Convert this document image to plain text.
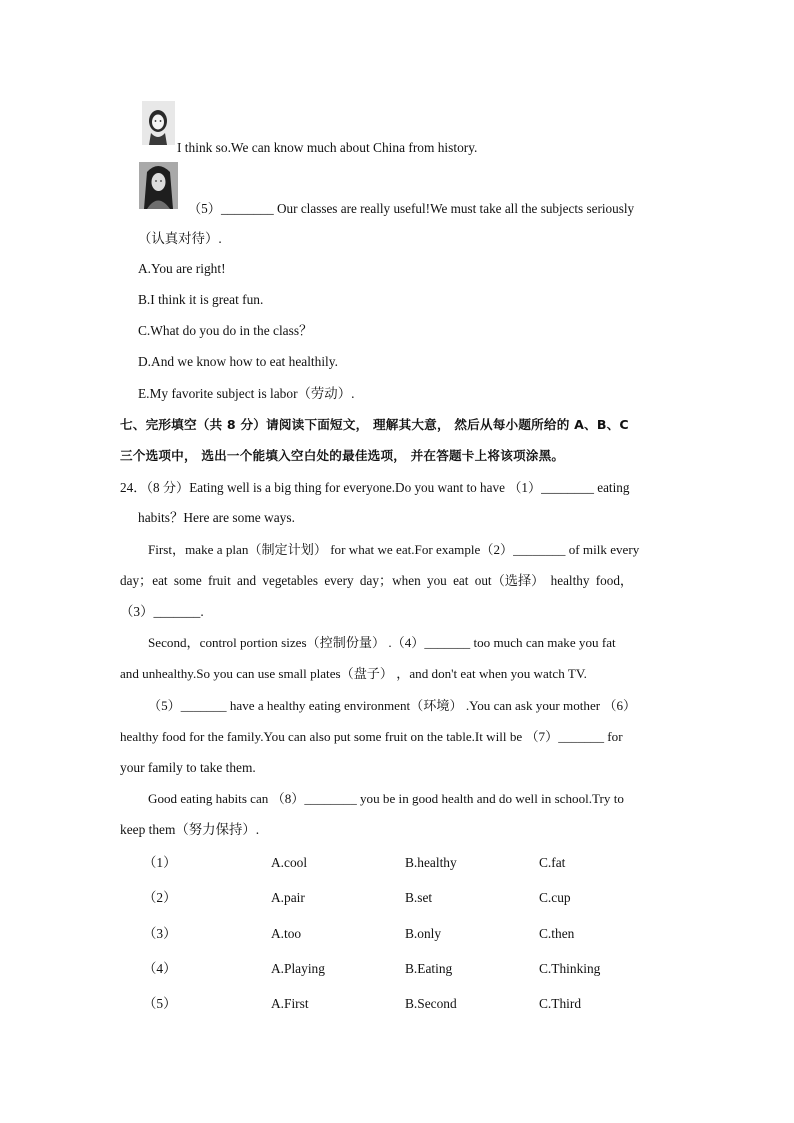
I think so.We can know much about China from history.
（5）________ Our classes are really useful!We must take all the subjects seriously
（认真对待）.
A.You are right!
B.I think it is great fun.
C.What do you do in the class？
D.And we know how to eat healthily.
E.My favorite subject is labor（劳动）.
七、完形填空（共 8 分）请阅读下面短文， 理解其大意， 然后从每小题所给的 A、B、C
三个选项中， 选出一个能填入空白处的最佳选项， 并在答题卡上将该项涂黑。
24．（8 分）Eating well is a big thing for everyone.Do you want to have （1）________ eating
habits？Here are some ways.
First，make a plan（制定计划） for what we eat.For example（2）________ of milk every
day；eat some fruit and vegetables every day；when you eat out（选择） healthy food，
（3）_______.
Second，control portion sizes（控制份量） .（4）_______ too much can make you fat
and unhealthy.So you can use small plates（盘子） ，and don't eat when you watch TV.
（5）_______ have a healthy eating environment（环境） .You can ask your mother （6）
healthy food for the family.You can also put some fruit on the table.It will be （7）_______ for
your family to take them.
Good eating habits can （8）________ you be in good health and do well in school.Try to
keep them（努力保持）.
（1）	A.cool	B.healthy	C.fat
（2）	A.pair	B.set	C.cup
（3）	A.too	B.only	C.then
（4）	A.Playing	B.Eating	C.Thinking
（5）	A.First	B.Second	C.Third
